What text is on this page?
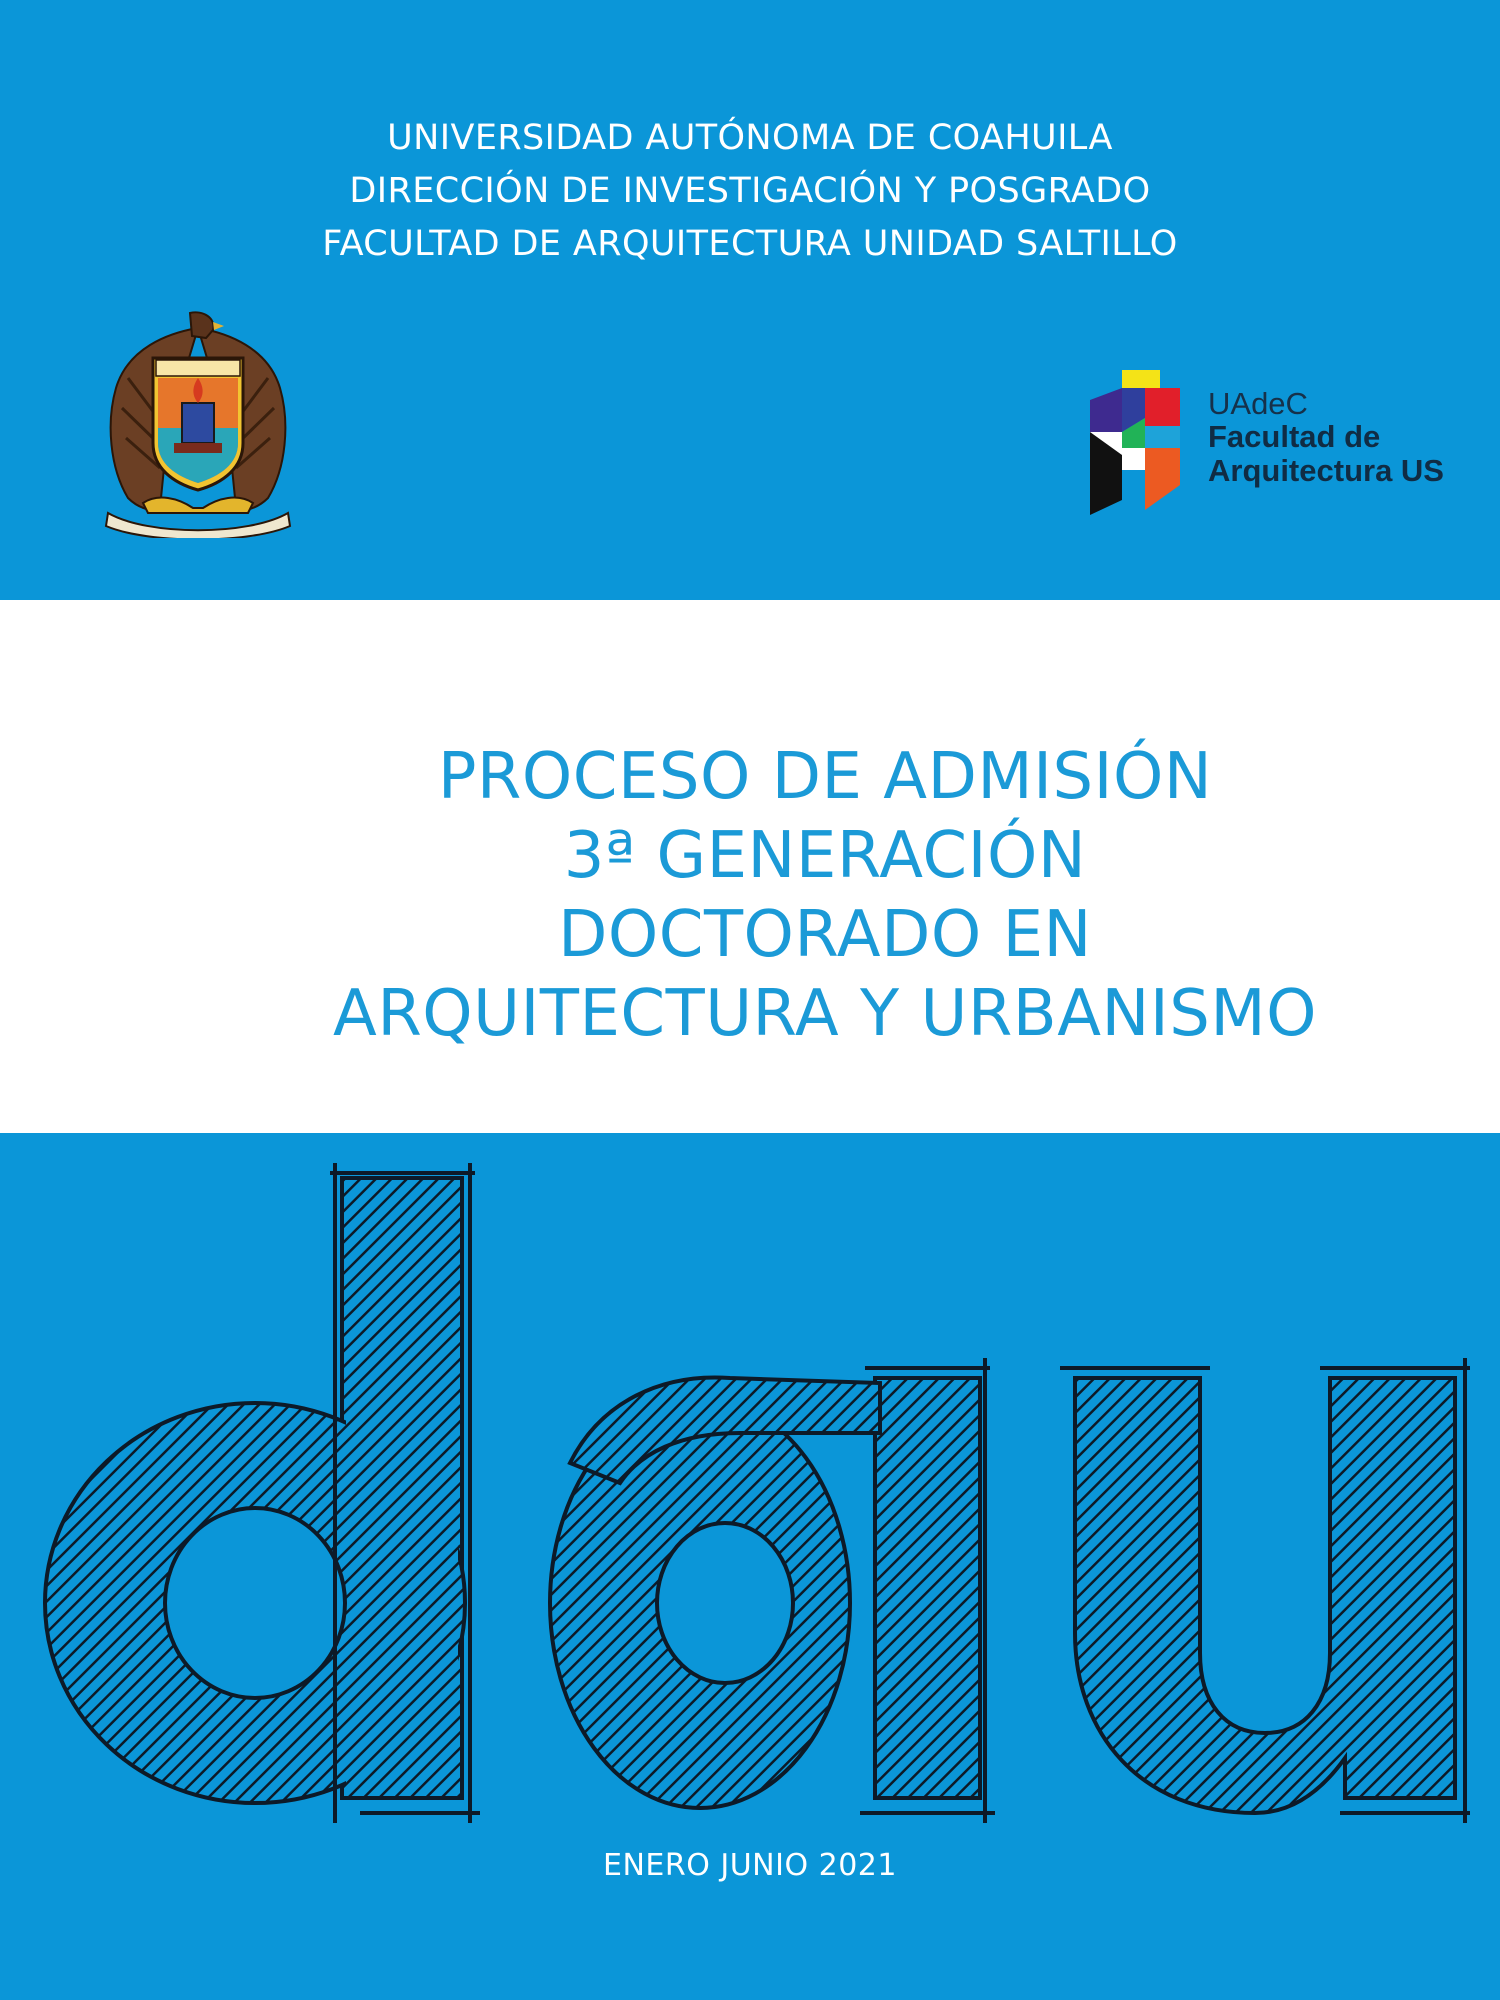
UNIVERSIDAD AUTÓNOMA DE COAHUILA
DIRECCIÓN DE INVESTIGACIÓN Y POSGRADO
FACULTAD DE ARQUITECTURA UNIDAD SALTILLO
UAdeC
Facultad de
Arquitectura US
PROCESO DE ADMISIÓN
3ª GENERACIÓN
DOCTORADO EN
ARQUITECTURA Y URBANISMO
ENERO JUNIO 2021
